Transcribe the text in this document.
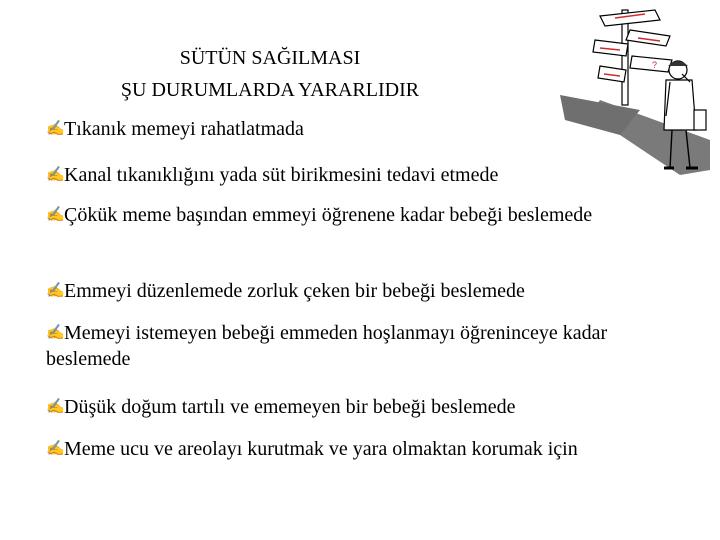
SÜTÜN SAĞILMASI
ŞU DURUMLARDA YARARLIDIR
?
✍Tıkanık memeyi rahatlatmada
✍Kanal tıkanıklığını yada süt birikmesini tedavi etmede
✍Çökük meme başından emmeyi öğrenene kadar bebeği beslemede
✍Emmeyi düzenlemede zorluk çeken bir bebeği beslemede
✍Memeyi istemeyen bebeği emmeden hoşlanmayı öğreninceye kadar beslemede
✍Düşük doğum tartılı ve ememeyen bir bebeği beslemede
✍Meme ucu ve areolayı kurutmak ve yara olmaktan korumak için
